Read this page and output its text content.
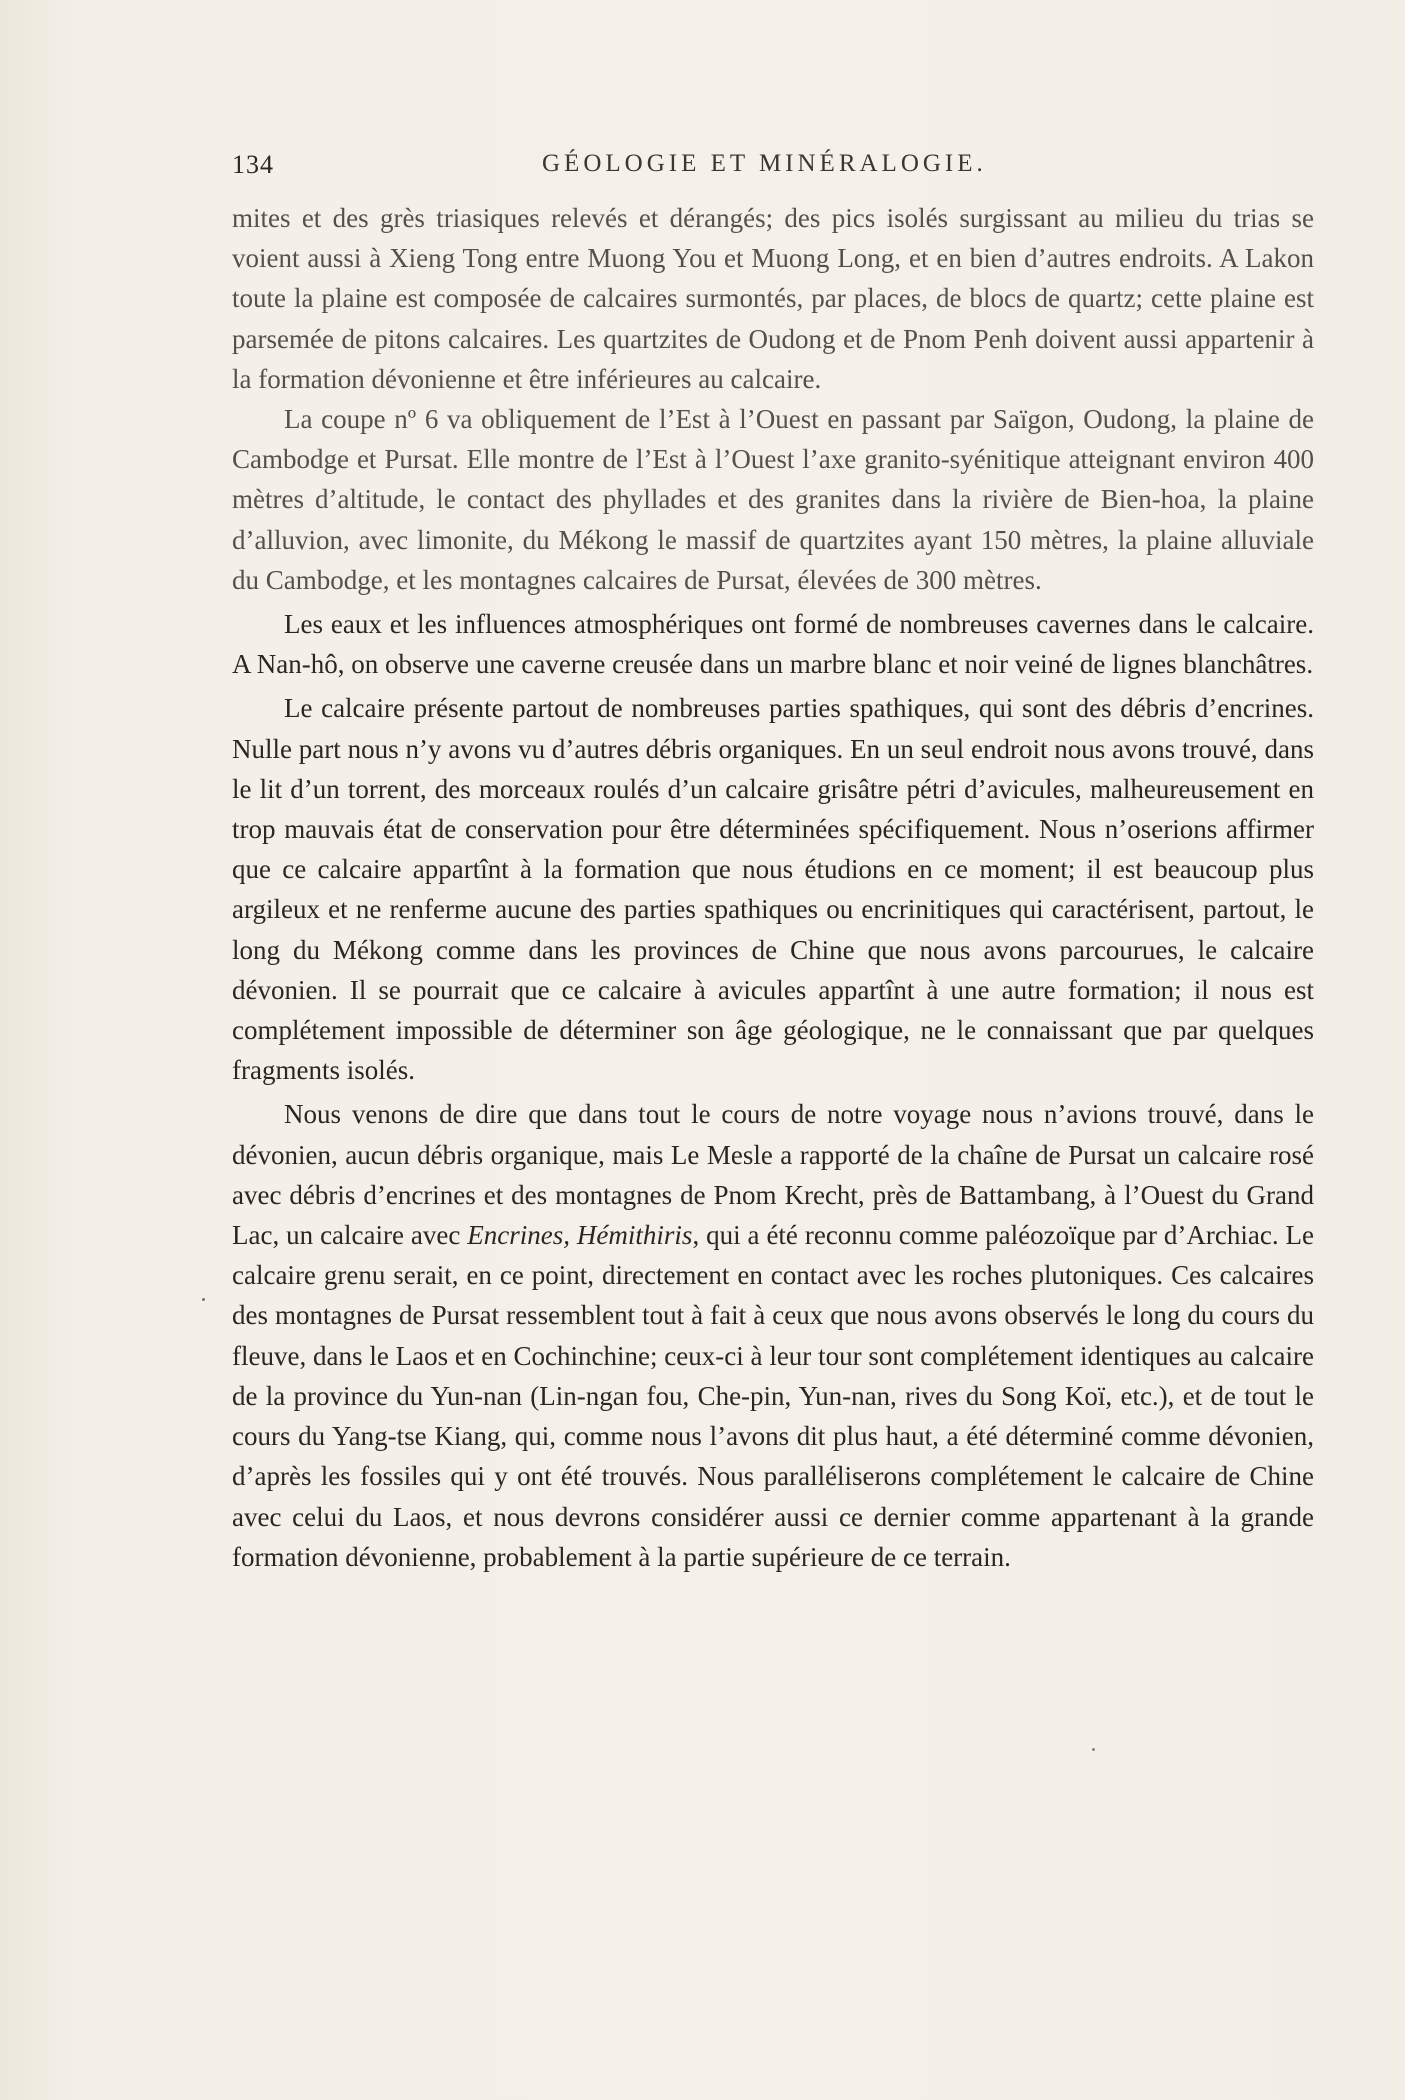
134	GÉOLOGIE ET MINÉRALOGIE.

mites et des grès triasiques relevés et dérangés; des pics isolés surgissant au milieu du trias se voient aussi à Xieng Tong entre Muong You et Muong Long, et en bien d’autres endroits. A Lakon toute la plaine est composée de calcaires surmontés, par places, de blocs de quartz; cette plaine est parsemée de pitons calcaires. Les quartzites de Oudong et de Pnom Penh doivent aussi appartenir à la formation dévonienne et être inférieures au calcaire.

La coupe nº 6 va obliquement de l’Est à l’Ouest en passant par Saïgon, Oudong, la plaine de Cambodge et Pursat. Elle montre de l’Est à l’Ouest l’axe granito-syénitique atteignant environ 400 mètres d’altitude, le contact des phyllades et des granites dans la rivière de Bien-hoa, la plaine d’alluvion, avec limonite, du Mékong le massif de quartzites ayant 150 mètres, la plaine alluviale du Cambodge, et les montagnes calcaires de Pursat, élevées de 300 mètres.

Les eaux et les influences atmosphériques ont formé de nombreuses cavernes dans le calcaire. A Nan-hô, on observe une caverne creusée dans un marbre blanc et noir veiné de lignes blanchâtres.

Le calcaire présente partout de nombreuses parties spathiques, qui sont des débris d’encrines. Nulle part nous n’y avons vu d’autres débris organiques. En un seul endroit nous avons trouvé, dans le lit d’un torrent, des morceaux roulés d’un calcaire grisâtre pétri d’avicules, malheureusement en trop mauvais état de conservation pour être déterminées spécifiquement. Nous n’oserions affirmer que ce calcaire appartînt à la formation que nous étudions en ce moment; il est beaucoup plus argileux et ne renferme aucune des parties spathiques ou encrinitiques qui caractérisent, partout, le long du Mékong comme dans les provinces de Chine que nous avons parcourues, le calcaire dévonien. Il se pourrait que ce calcaire à avicules appartînt à une autre formation; il nous est complétement impossible de déterminer son âge géologique, ne le connaissant que par quelques fragments isolés.

Nous venons de dire que dans tout le cours de notre voyage nous n’avions trouvé, dans le dévonien, aucun débris organique, mais Le Mesle a rapporté de la chaîne de Pursat un calcaire rosé avec débris d’encrines et des montagnes de Pnom Krecht, près de Battambang, à l’Ouest du Grand Lac, un calcaire avec Encrines, Hémithiris, qui a été reconnu comme paléozoïque par d’Archiac. Le calcaire grenu serait, en ce point, directement en contact avec les roches plutoniques. Ces calcaires des montagnes de Pursat ressemblent tout à fait à ceux que nous avons observés le long du cours du fleuve, dans le Laos et en Cochinchine; ceux-ci à leur tour sont complétement identiques au calcaire de la province du Yun-nan (Lin-ngan fou, Che-pin, Yun-nan, rives du Song Koï, etc.), et de tout le cours du Yang-tse Kiang, qui, comme nous l’avons dit plus haut, a été déterminé comme dévonien, d’après les fossiles qui y ont été trouvés. Nous paralléliserons complétement le calcaire de Chine avec celui du Laos, et nous devrons considérer aussi ce dernier comme appartenant à la grande formation dévonienne, probablement à la partie supérieure de ce terrain.
